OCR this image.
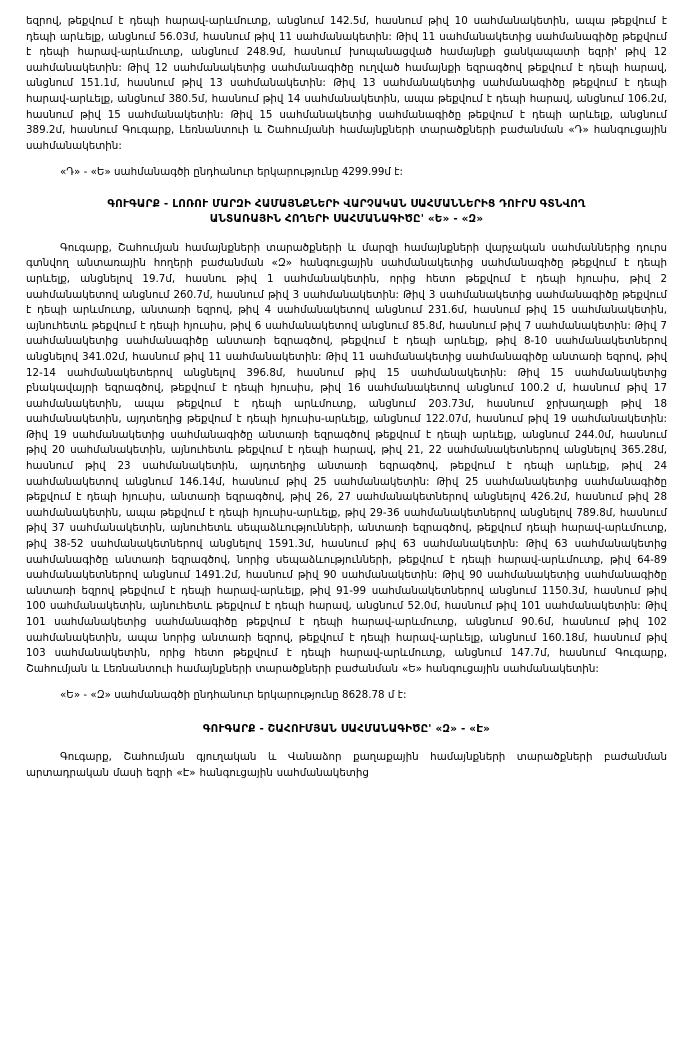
եզրով, թեքվում է դեպի հարավ-արևմուտք, անցնում 142.5մ, հասնում թիվ 10 սահմանակետին, ապա թեքվում է դեպի արևելք, անցնում 56.03մ, հասնում թիվ 11 սահմանակետին: Թիվ 11 սահմանակետից սահմանագիծը թեքվում է դեպի հարավ-արևմուտք, անցնում 248.9մ, հասնում խոպանացված համայնքի ցանկապատի եզրի' թիվ 12 սահմանակետին: Թիվ 12 սահմանակետից սահմանագիծը ուղված համայնքի եզրագծով թեքվում է դեպի հարավ, անցնում 151.1մ, հասնում թիվ 13 սահմանակետին: Թիվ 13 սահմանակետից սահմանագիծը թեքվում է դեպի հարավ-արևելք, անցնում 380.5մ, հասնում թիվ 14 սահմանակետին, ապա թեքվում է դեպի հարավ, անցնում 106.2մ, հասնում թիվ 15 սահմանակետին: Թիվ 15 սահմանակետից սահմանագիծը թեքվում է դեպի արևելք, անցնում 389.2մ, հասնում Գուգարք, Լեռնանտուի և Շահումյանի համայնքների տարածքների բաժանման «Դ» հանգուցային սահմանակետին:

«Դ» - «Ե» սահմանագծի ընդհանուր երկարությունը 4299.99մ է:

ԳՈՒԳԱՐՔ - ԼՈՌՈՒ ՄԱՐԶԻ ՀԱՄԱՅՆՔՆԵՐԻ ՎԱՐՉԱԿԱՆ ՍԱՀՄԱՆՆԵՐԻՑ ԴՈՒՐՍ ԳՏՆՎՈՂ
ԱՆՏԱՌԱՅԻՆ ՀՈՂԵՐԻ ՍԱՀՄԱՆԱԳԻԾԸ' «Ե» - «Զ»

Գուգարք, Շահումյան համայնքների տարածքների և մարզի համայնքների վարչական սահմաններից դուրս գտնվող անտառային հողերի բաժանման «Զ» հանգուցային սահմանակետից սահմանագիծը թեքվում է դեպի արևելք, անցնելով 19.7մ, հասնու թիվ 1 սահմանակետին, որից հետո թեքվում է դեպի հյուսիս, թիվ 2 սահմանակետով անցնում 260.7մ, հասնում թիվ 3 սահմանակետին: Թիվ 3 սահմանակետից սահմանագիծը թեքվում է դեպի արևմուտք, անտառի եզրով, թիվ 4 սահմանակետով անցնում 231.6մ, հասնում թիվ 15 սահմանակետին, այնուհետև թեքվում է դեպի հյուսիս, թիվ 6 սահմանակետով անցնում 85.8մ, հասնում թիվ 7 սահմանակետին: Թիվ 7 սահմանակետից սահմանագիծը անտառի եզրագծով, թեքվում է դեպի արևելք, թիվ 8-10 սահմանակետներով անցնելով 341.02մ, հասնում թիվ 11 սահմանակետին: Թիվ 11 սահմանակետից սահմանագիծը անտառի եզրով, թիվ 12-14 սահմանակետերով անցնելով 396.8մ, հասնում թիվ 15 սահմանակետին: Թիվ 15 սահմանակետից բնակավայրի եզրագծով, թեքվում է դեպի հյուսիս, թիվ 16 սահմանակետով անցնում 100.2 մ, հասնում թիվ 17 սահմանակետին, ապա թեքվում է դեպի արևմուտք, անցնում 203.73մ, հասնում ջրխաղաքի թիվ 18 սահմանակետին, այդտեղից թեքվում է դեպի հյուսիս-արևելք, անցնում 122.07մ, հասնում թիվ 19 սահմանակետին: Թիվ 19 սահմանակետից սահմանագիծը անտառի եզրագծով թեքվում է դեպի արևելք, անցնում 244.0մ, հասնում թիվ 20 սահմանակետին, այնուհետև թեքվում է դեպի հարավ, թիվ 21, 22 սահմանակետներով անցնելով 365.28մ, հասնում թիվ 23 սահմանակետին, այդտեղից անտառի եզրագծով, թեքվում է դեպի արևելք, թիվ 24 սահմանակետով անցնում 146.14մ, հասնում թիվ 25 սահմանակետին: Թիվ 25 սահմանակետից սահմանագիծը թեքվում է դեպի հյուսիս, անտառի եզրագծով, թիվ 26, 27 սահմանակետներով անցնելով 426.2մ, հասնում թիվ 28 սահմանակետին, ապա թեքվում է դեպի հյուսիս-արևելք, թիվ 29-36 սահմանակետներով անցնելով 789.8մ, հասնում թիվ 37 սահմանակետին, այնուհետև սեպաձևությունների, անտառի եզրագծով, թեքվում դեպի հարավ-արևմուտք, թիվ 38-52 սահմանակետներով անցնելով 1591.3մ, հասնում թիվ 63 սահմանակետին: Թիվ 63 սահմանակետից սահմանագիծը անտառի եզրագծով, նորից սեպաձևությունների, թեքվում է դեպի հարավ-արևմուտք, թիվ 64-89 սահմանակետներով անցնում 1491.2մ, հասնում թիվ 90 սահմանակետին: Թիվ 90 սահմանակետից սահմանագիծը անտառի եզրով թեքվում է դեպի հարավ-արևելք, թիվ 91-99 սահմանակետներով անցնում 1150.3մ, հասնում թիվ 100 սահմանակետին, այնուհետև թեքվում է դեպի հարավ, անցնում 52.0մ, հասնում թիվ 101 սահմանակետին: Թիվ 101 սահմանակետից սահմանագիծը թեքվում է դեպի հարավ-արևմուտք, անցնում 90.6մ, հասնում թիվ 102 սահմանակետին, ապա նորից անտառի եզրով, թեքվում է դեպի հարավ-արևելք, անցնում 160.18մ, հասնում թիվ 103 սահմանակետին, որից հետո թեքվում է դեպի հարավ-արևմուտք, անցնում 147.7մ, հասնում Գուգարք, Շահումյան և Լեռնանտուի համայնքների տարածքների բաժանման «Ե» հանգուցային սահմանակետին:

«Ե» - «Զ» սահմանագծի ընդհանուր երկարությունը 8628.78 մ է:

ԳՈՒԳԱՐՔ - ՇԱՀՈՒՄՅԱՆ ՍԱՀՄԱՆԱԳԻԾԸ' «Զ» - «Է»

Գուգարք, Շահումյան գյուղական և Վանաձոր քաղաքային համայնքների տարածքների բաժանման արտադրական մասի եզրի «Է» հանգուցային սահմանակետից
